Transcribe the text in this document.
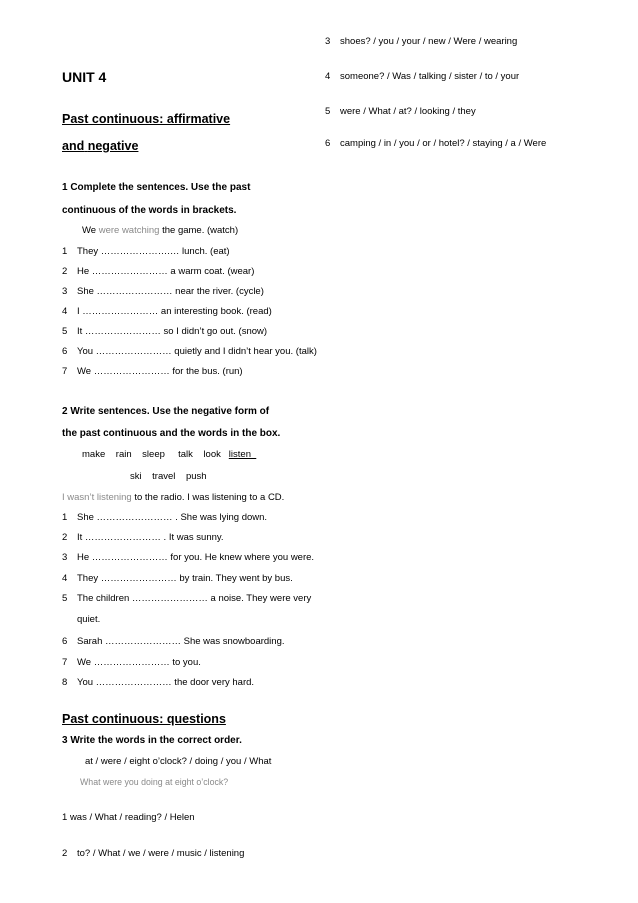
3 shoes? / you / your / new / Were / wearing
4 someone? / Was / talking / sister / to / your
5 were / What / at? / looking / they
6 camping / in / you / or / hotel? / staying / a / Were
UNIT 4
Past continuous: affirmative
and negative
1 Complete the sentences. Use the past
continuous of the words in brackets.
We were watching the game. (watch)
1 They ………………….… lunch. (eat)
2 He …………………… a warm coat. (wear)
3 She …………………… near the river. (cycle)
4 I …………………… an interesting book. (read)
5 It …………………… so I didn’t go out. (snow)
6 You …………………… quietly and I didn’t hear you. (talk)
7 We …………………… for the bus. (run)
2 Write sentences. Use the negative form of
the past continuous and the words in the box.
make    rain    sleep     talk    look   listen
ski    travel    push
I wasn’t listening to the radio. I was listening to a CD.
1 She …………………… . She was lying down.
2 It …………………… . It was sunny.
3 He …………………… for you. He knew where you were.
4 They …………………… by train. They went by bus.
5 The children …………………… a noise. They were very
quiet.
6 Sarah …………………… She was snowboarding.
7 We …………………… to you.
8 You …………………… the door very hard.
Past continuous: questions
3 Write the words in the correct order.
at / were / eight o’clock? / doing / you / What
What were you doing at eight o’clock?
1 was / What / reading? / Helen
2 to? / What / we / were / music / listening
